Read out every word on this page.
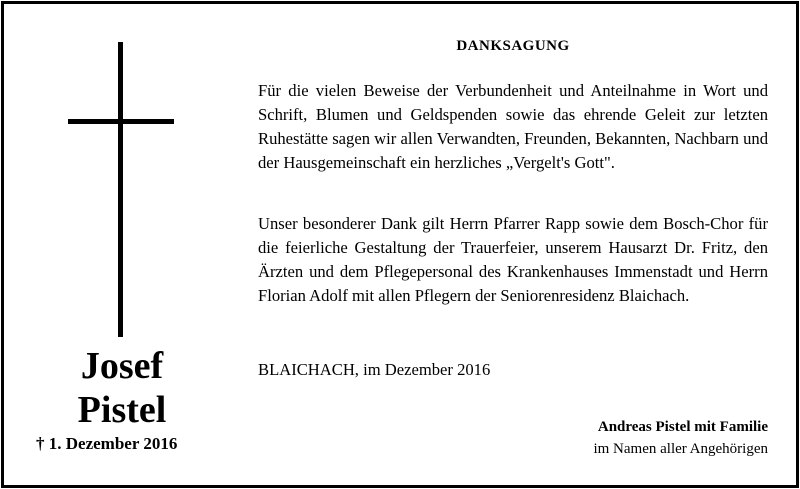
Josef
Pistel
† 1. Dezember 2016
DANKSAGUNG

Für die vielen Beweise der Verbundenheit und Anteilnahme in Wort und Schrift, Blumen und Geldspenden sowie das ehrende Geleit zur letzten Ruhestätte sagen wir allen Verwandten, Freunden, Bekannten, Nachbarn und der Hausgemeinschaft ein herzliches „Vergelt's Gott".

Unser besonderer Dank gilt Herrn Pfarrer Rapp sowie dem Bosch-Chor für die feierliche Gestaltung der Trauerfeier, unserem Hausarzt Dr. Fritz, den Ärzten und dem Pflegepersonal des Krankenhauses Immenstadt und Herrn Florian Adolf mit allen Pflegern der Seniorenresidenz Blaichach.

BLAICHACH, im Dezember 2016
Andreas Pistel mit Familie
im Namen aller Angehörigen
